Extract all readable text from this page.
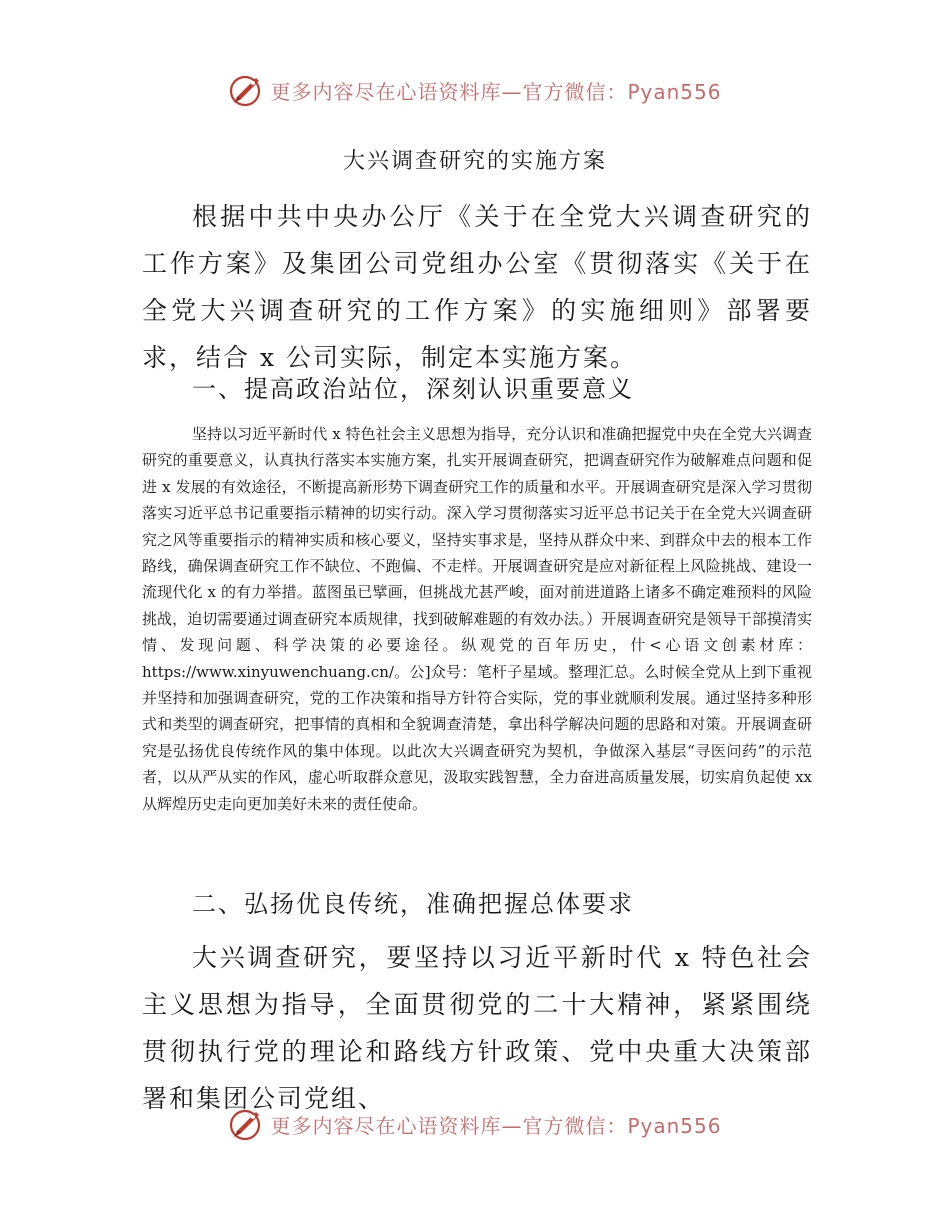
更多内容尽在心语资料库—官方微信：Pyan556
大兴调查研究的实施方案

根据中共中央办公厅《关于在全党大兴调查研究的工作方案》及集团公司党组办公室《贯彻落实《关于在全党大兴调查研究的工作方案》的实施细则》部署要求，结合 x 公司实际，制定本实施方案。

一、提高政治站位，深刻认识重要意义

坚持以习近平新时代 x 特色社会主义思想为指导，充分认识和准确把握党中央在全党大兴调查研究的重要意义，认真执行落实本实施方案，扎实开展调查研究，把调查研究作为破解难点问题和促进 x 发展的有效途径，不断提高新形势下调查研究工作的质量和水平。开展调查研究是深入学习贯彻落实习近平总书记重要指示精神的切实行动。深入学习贯彻落实习近平总书记关于在全党大兴调查研究之风等重要指示的精神实质和核心要义，坚持实事求是，坚持从群众中来、到群众中去的根本工作路线，确保调查研究工作不缺位、不跑偏、不走样。开展调查研究是应对新征程上风险挑战、建设一流现代化 x 的有力举措。蓝图虽已擘画，但挑战尤甚严峻，面对前进道路上诸多不确定难预料的风险挑战，迫切需要通过调查研究本质规律，找到破解难题的有效办法。）开展调查研究是领导干部摸清实情、发现问题、科学决策的必要途径。纵观党的百年历史，什<心语文创素材库：https://www.xinyuwenchuang.cn/。公]众号：笔杆子星域。整理汇总。么时候全党从上到下重视并坚持和加强调查研究，党的工作决策和指导方针符合实际，党的事业就顺利发展。通过坚持多种形式和类型的调查研究，把事情的真相和全貌调查清楚，拿出科学解决问题的思路和对策。开展调查研究是弘扬优良传统作风的集中体现。以此次大兴调查研究为契机，争做深入基层“寻医问药”的示范者，以从严从实的作风，虚心听取群众意见，汲取实践智慧，全力奋进高质量发展，切实肩负起使 xx 从辉煌历史走向更加美好未来的责任使命。

二、弘扬优良传统，准确把握总体要求

大兴调查研究，要坚持以习近平新时代 x 特色社会主义思想为指导，全面贯彻党的二十大精神，紧紧围绕贯彻执行党的理论和路线方针政策、党中央重大决策部署和集团公司党组、

更多内容尽在心语资料库—官方微信：Pyan556
